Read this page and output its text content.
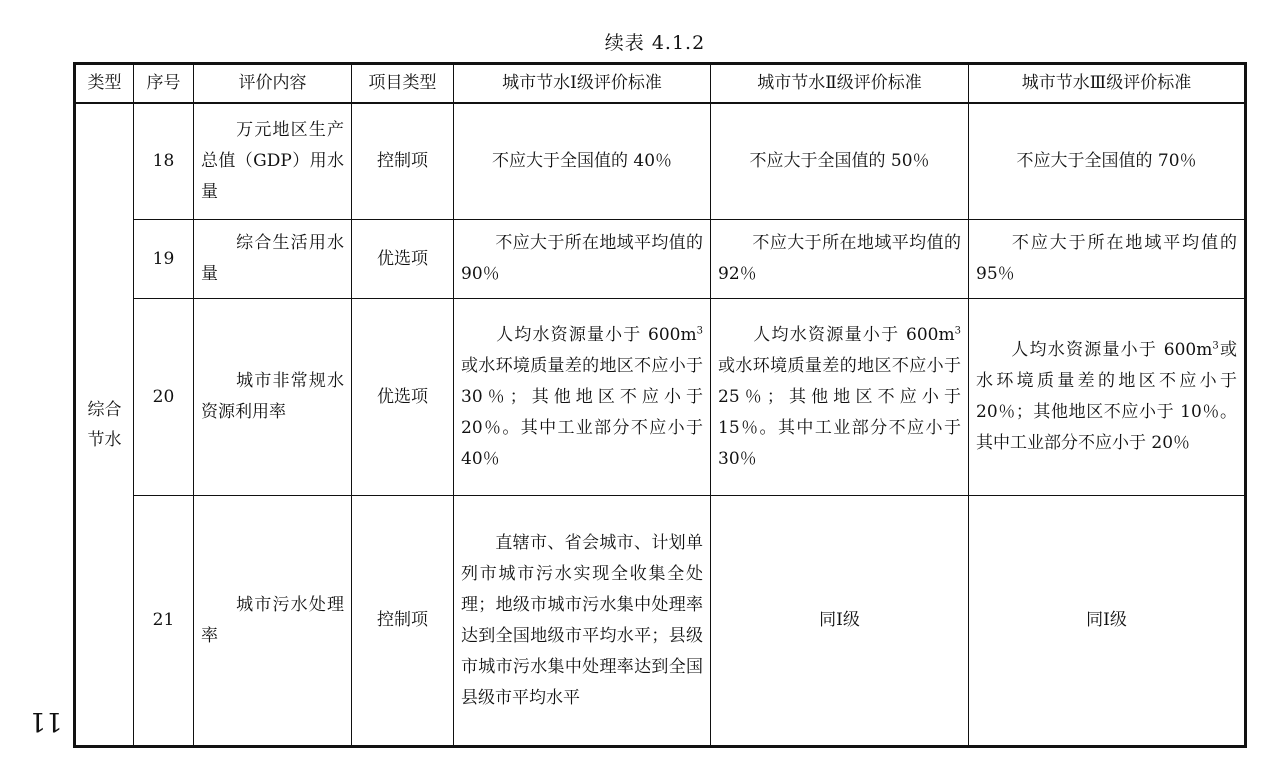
续表 4.1.2
类型	序号	评价内容	项目类型	城市节水Ⅰ级评价标准	城市节水Ⅱ级评价标准	城市节水Ⅲ级评价标准
综合节水	18	万元地区生产总值（GDP）用水量	控制项	不应大于全国值的 40％	不应大于全国值的 50％	不应大于全国值的 70％
	19	综合生活用水量	优选项	不应大于所在地域平均值的 90％	不应大于所在地域平均值的 92％	不应大于所在地域平均值的 95％
	20	城市非常规水资源利用率	优选项	人均水资源量小于 $600m^3$或水环境质量差的地区不应小于 30％；其他地区不应小于 20％。其中工业部分不应小于 40％	人均水资源量小于 $600m^3$或水环境质量差的地区不应小于 25％；其他地区不应小于 15％。其中工业部分不应小于 30％	人均水资源量小于 $600m^3$或水环境质量差的地区不应小于 20％；其他地区不应小于 10％。其中工业部分不应小于 20％
	21	城市污水处理率	控制项	直辖市、省会城市、计划单列市城市污水实现全收集全处理；地级市城市污水集中处理率达到全国地级市平均水平；县级市城市污水集中处理率达到全国县级市平均水平	同Ⅰ级	同Ⅰ级
11
